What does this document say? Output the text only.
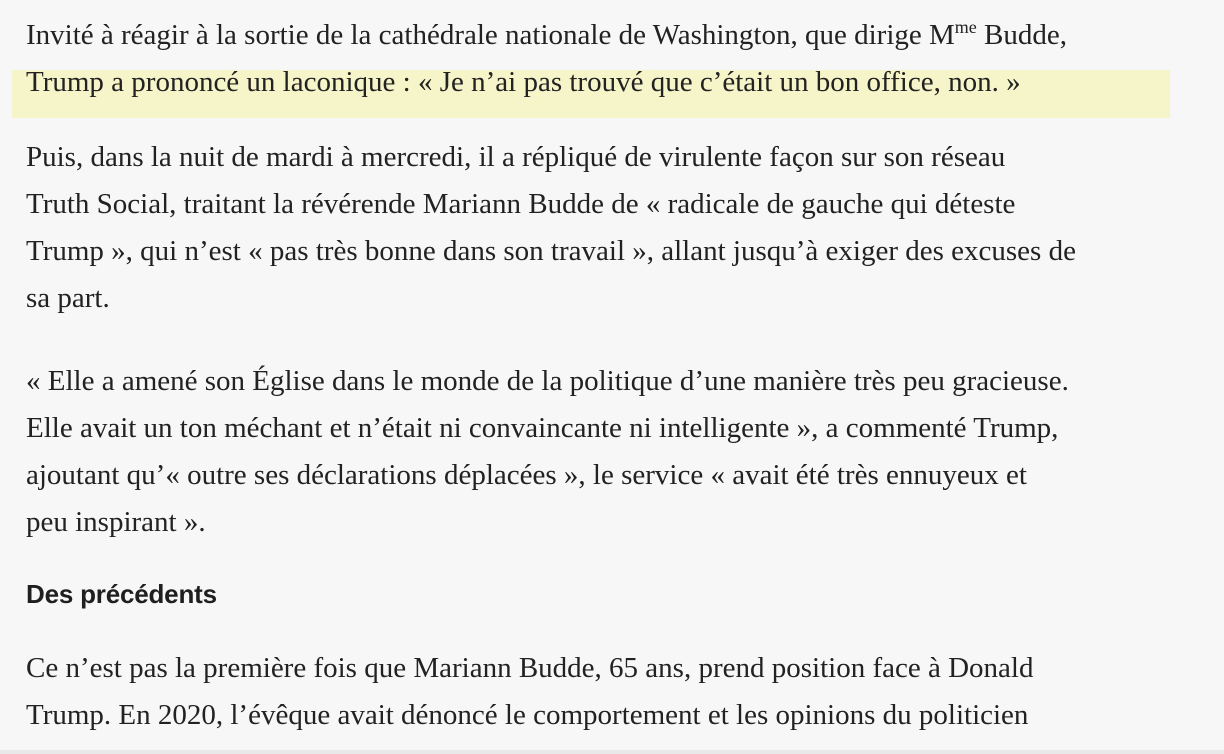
Invité à réagir à la sortie de la cathédrale nationale de Washington, que dirige $M^{me}$ Budde,
Trump a prononcé un laconique : « Je n’ai pas trouvé que c’était un bon office, non. »
Puis, dans la nuit de mardi à mercredi, il a répliqué de virulente façon sur son réseau
Truth Social, traitant la révérende Mariann Budde de « radicale de gauche qui déteste
Trump », qui n’est « pas très bonne dans son travail », allant jusqu’à exiger des excuses de
sa part.
« Elle a amené son Église dans le monde de la politique d’une manière très peu gracieuse.
Elle avait un ton méchant et n’était ni convaincante ni intelligente », a commenté Trump,
ajoutant qu’« outre ses déclarations déplacées », le service « avait été très ennuyeux et
peu inspirant ».
Des précédents
Ce n’est pas la première fois que Mariann Budde, 65 ans, prend position face à Donald
Trump. En 2020, l’évêque avait dénoncé le comportement et les opinions du politicien
